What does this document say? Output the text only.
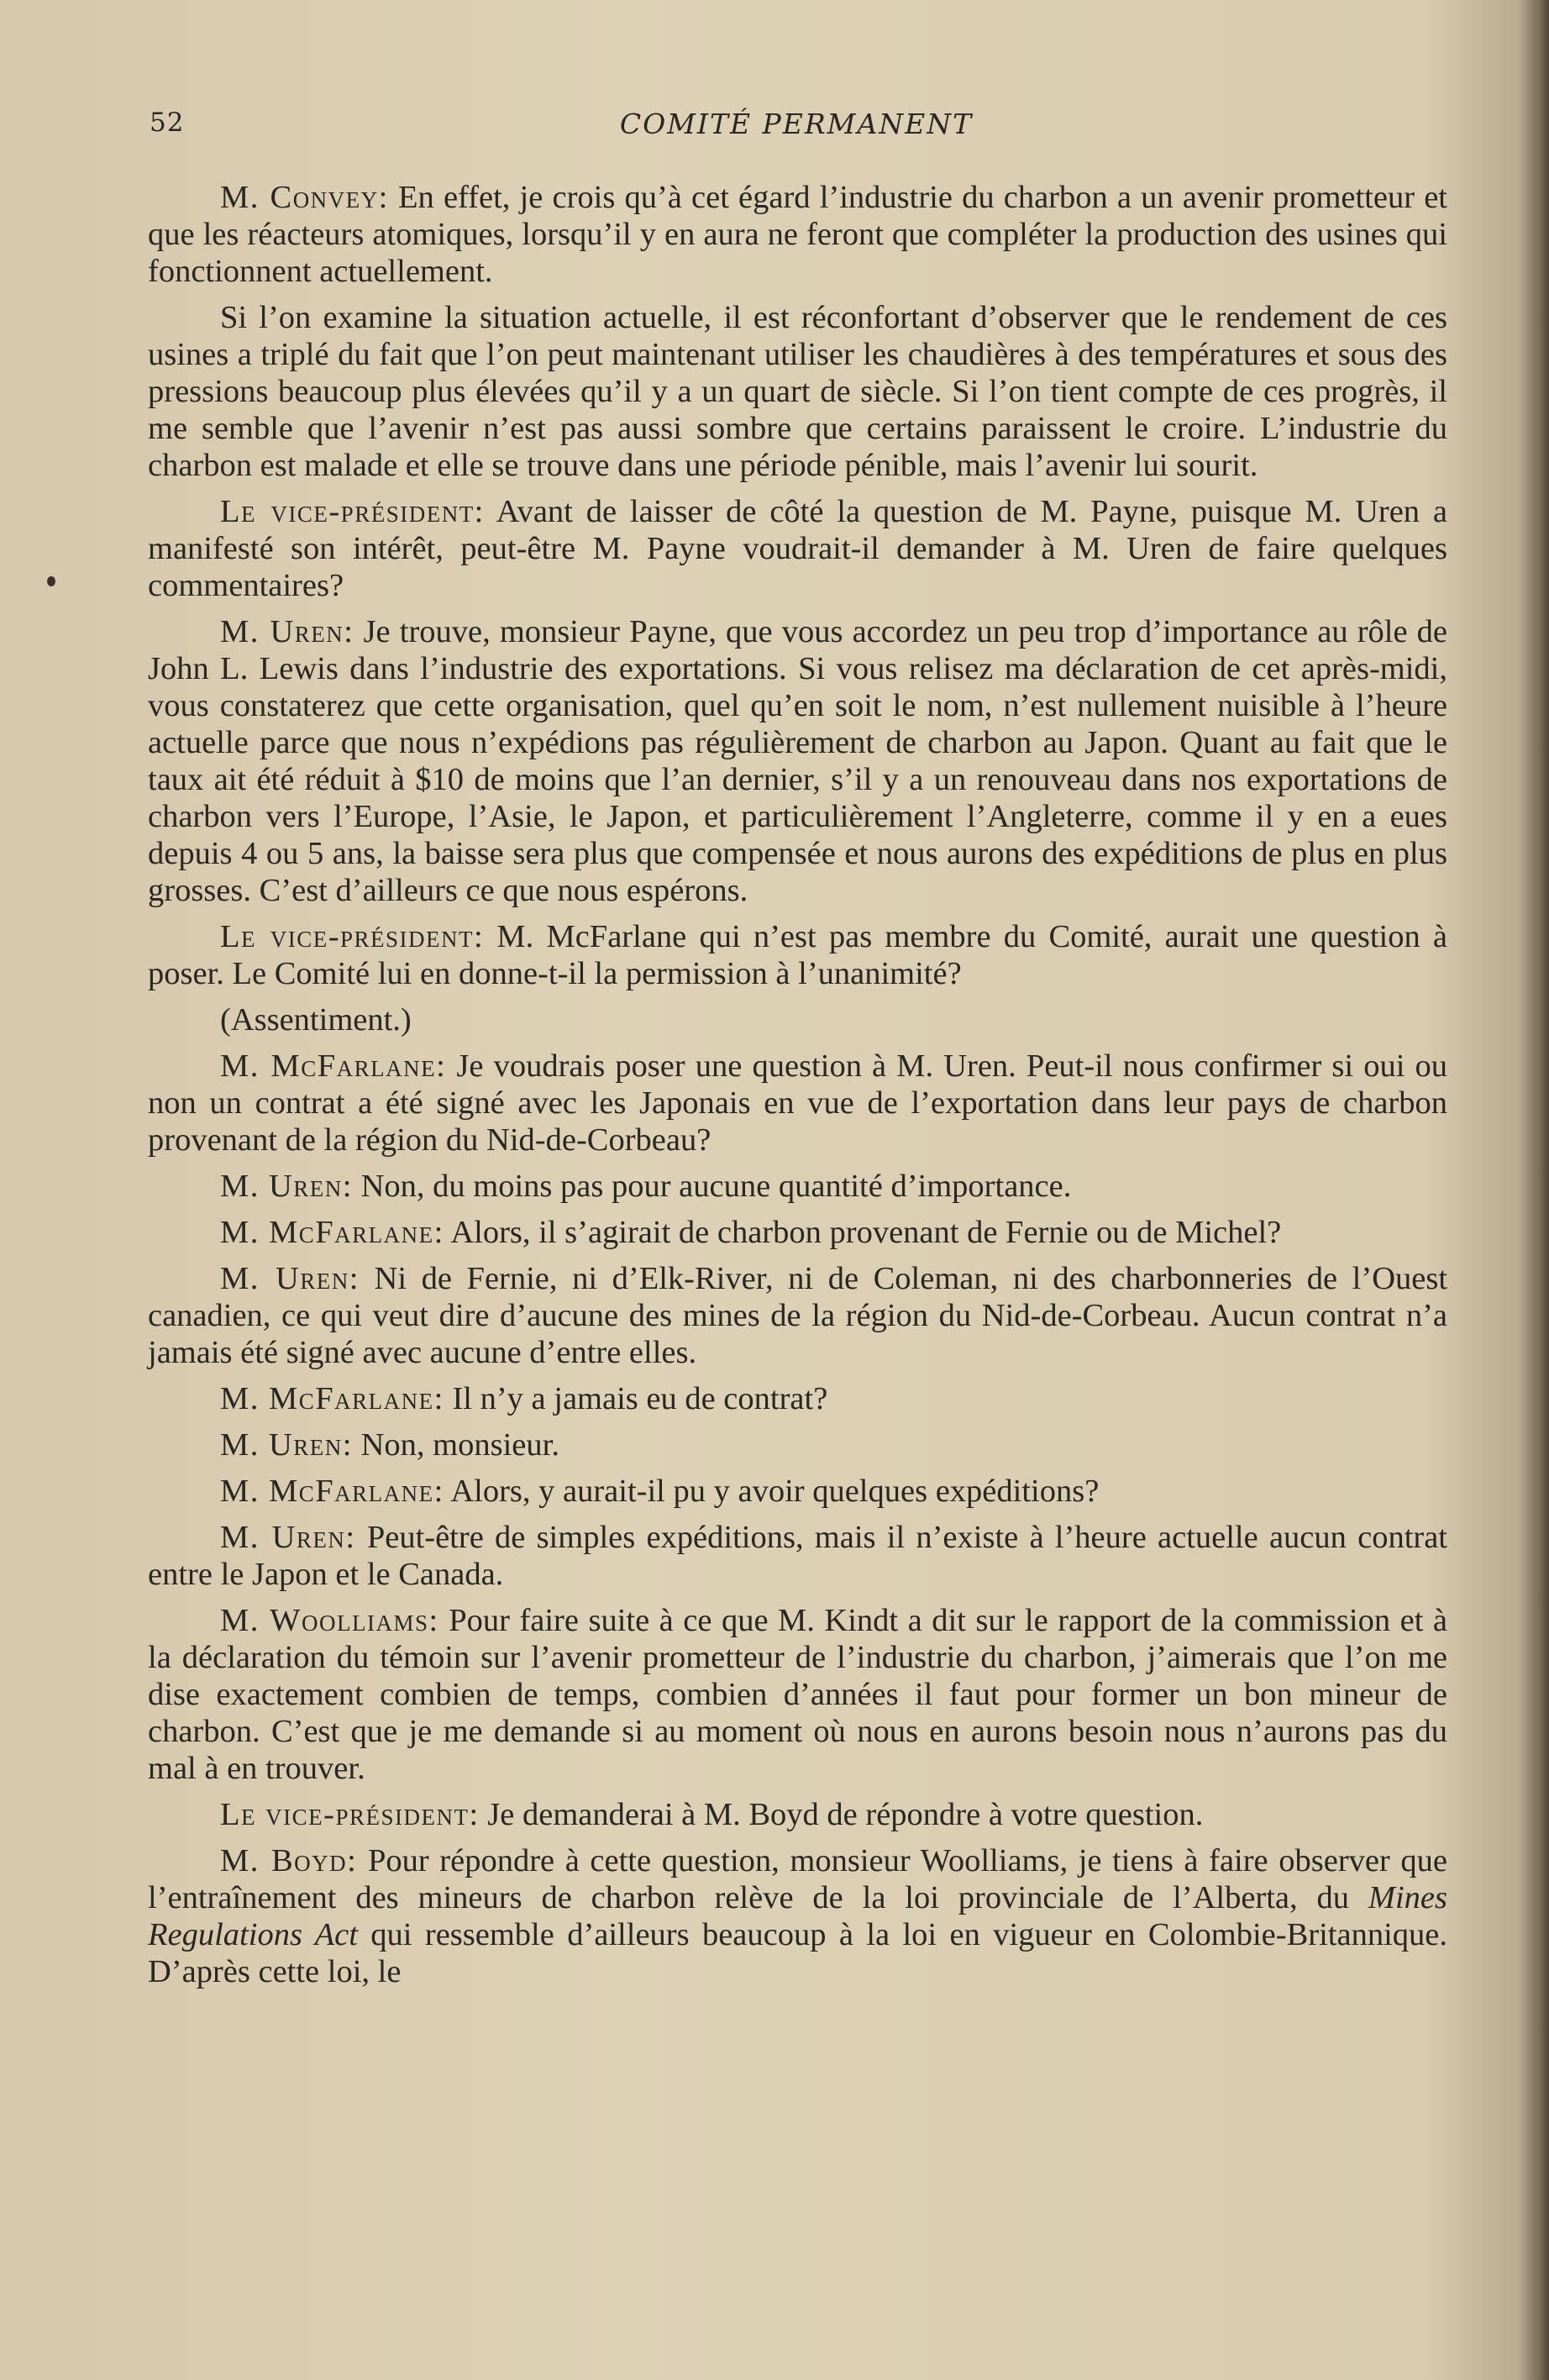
52	COMITÉ PERMANENT

M. Convey: En effet, je crois qu’à cet égard l’industrie du charbon a un avenir prometteur et que les réacteurs atomiques, lorsqu’il y en aura ne feront que compléter la production des usines qui fonctionnent actuellement.

Si l’on examine la situation actuelle, il est réconfortant d’observer que le rendement de ces usines a triplé du fait que l’on peut maintenant utiliser les chaudières à des températures et sous des pressions beaucoup plus élevées qu’il y a un quart de siècle. Si l’on tient compte de ces progrès, il me semble que l’avenir n’est pas aussi sombre que certains paraissent le croire. L’industrie du charbon est malade et elle se trouve dans une période pénible, mais l’avenir lui sourit.

Le vice-président: Avant de laisser de côté la question de M. Payne, puisque M. Uren a manifesté son intérêt, peut-être M. Payne voudrait-il demander à M. Uren de faire quelques commentaires?

M. Uren: Je trouve, monsieur Payne, que vous accordez un peu trop d’importance au rôle de John L. Lewis dans l’industrie des exportations. Si vous relisez ma déclaration de cet après-midi, vous constaterez que cette organisation, quel qu’en soit le nom, n’est nullement nuisible à l’heure actuelle parce que nous n’expédions pas régulièrement de charbon au Japon. Quant au fait que le taux ait été réduit à $10 de moins que l’an dernier, s’il y a un renouveau dans nos exportations de charbon vers l’Europe, l’Asie, le Japon, et particulièrement l’Angleterre, comme il y en a eues depuis 4 ou 5 ans, la baisse sera plus que compensée et nous aurons des expéditions de plus en plus grosses. C’est d’ailleurs ce que nous espérons.

Le vice-président: M. McFarlane qui n’est pas membre du Comité, aurait une question à poser. Le Comité lui en donne-t-il la permission à l’unanimité?

(Assentiment.)

M. McFarlane: Je voudrais poser une question à M. Uren. Peut-il nous confirmer si oui ou non un contrat a été signé avec les Japonais en vue de l’exportation dans leur pays de charbon provenant de la région du Nid-de-Corbeau?

M. Uren: Non, du moins pas pour aucune quantité d’importance.

M. McFarlane: Alors, il s’agirait de charbon provenant de Fernie ou de Michel?

M. Uren: Ni de Fernie, ni d’Elk-River, ni de Coleman, ni des charbonneries de l’Ouest canadien, ce qui veut dire d’aucune des mines de la région du Nid-de-Corbeau. Aucun contrat n’a jamais été signé avec aucune d’entre elles.

M. McFarlane: Il n’y a jamais eu de contrat?

M. Uren: Non, monsieur.

M. McFarlane: Alors, y aurait-il pu y avoir quelques expéditions?

M. Uren: Peut-être de simples expéditions, mais il n’existe à l’heure actuelle aucun contrat entre le Japon et le Canada.

M. Woolliams: Pour faire suite à ce que M. Kindt a dit sur le rapport de la commission et à la déclaration du témoin sur l’avenir prometteur de l’industrie du charbon, j’aimerais que l’on me dise exactement combien de temps, combien d’années il faut pour former un bon mineur de charbon. C’est que je me demande si au moment où nous en aurons besoin nous n’aurons pas du mal à en trouver.

Le vice-président: Je demanderai à M. Boyd de répondre à votre question.

M. Boyd: Pour répondre à cette question, monsieur Woolliams, je tiens à faire observer que l’entraînement des mineurs de charbon relève de la loi provinciale de l’Alberta, du Mines Regulations Act qui ressemble d’ailleurs beaucoup à la loi en vigueur en Colombie-Britannique. D’après cette loi, le
